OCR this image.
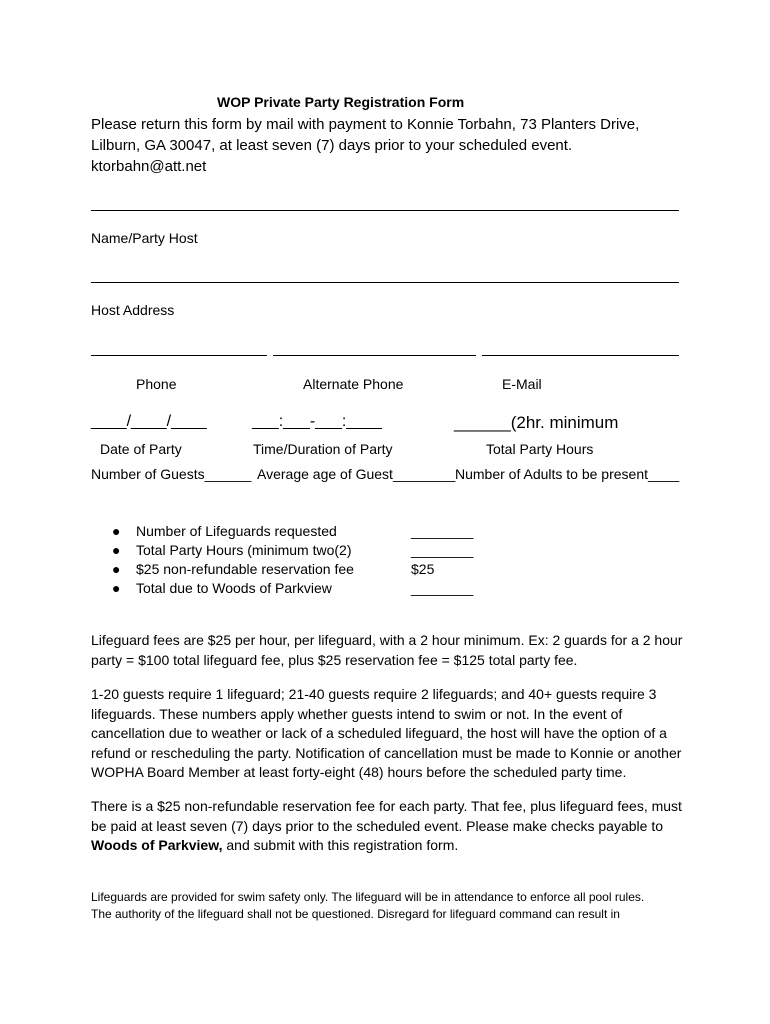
WOP Private Party Registration Form
Please return this form by mail with payment to Konnie Torbahn, 73 Planters Drive,
Lilburn, GA 30047, at least seven (7) days prior to your scheduled event.
ktorbahn@att.net
Name/Party Host
Host Address
Phone	Alternate Phone	E-Mail
____/____/____	___:___-___:____	______(2hr. minimum
Date of Party	Time/Duration of Party	Total Party Hours
Number of Guests______ Average age of Guest________ Number of Adults to be present____
● Number of Lifeguards requested	________
● Total Party Hours (minimum two(2)	________
● $25 non-refundable reservation fee	$25
● Total due to Woods of Parkview	________
Lifeguard fees are $25 per hour, per lifeguard, with a 2 hour minimum. Ex: 2 guards for a 2 hour
party = $100 total lifeguard fee, plus $25 reservation fee = $125 total party fee.
1-20 guests require 1 lifeguard; 21-40 guests require 2 lifeguards; and 40+ guests require 3
lifeguards. These numbers apply whether guests intend to swim or not. In the event of
cancellation due to weather or lack of a scheduled lifeguard, the host will have the option of a
refund or rescheduling the party. Notification of cancellation must be made to Konnie or another
WOPHA Board Member at least forty-eight (48) hours before the scheduled party time.
There is a $25 non-refundable reservation fee for each party. That fee, plus lifeguard fees, must
be paid at least seven (7) days prior to the scheduled event. Please make checks payable to
Woods of Parkview, and submit with this registration form.
Lifeguards are provided for swim safety only. The lifeguard will be in attendance to enforce all pool rules.
The authority of the lifeguard shall not be questioned. Disregard for lifeguard command can result in
